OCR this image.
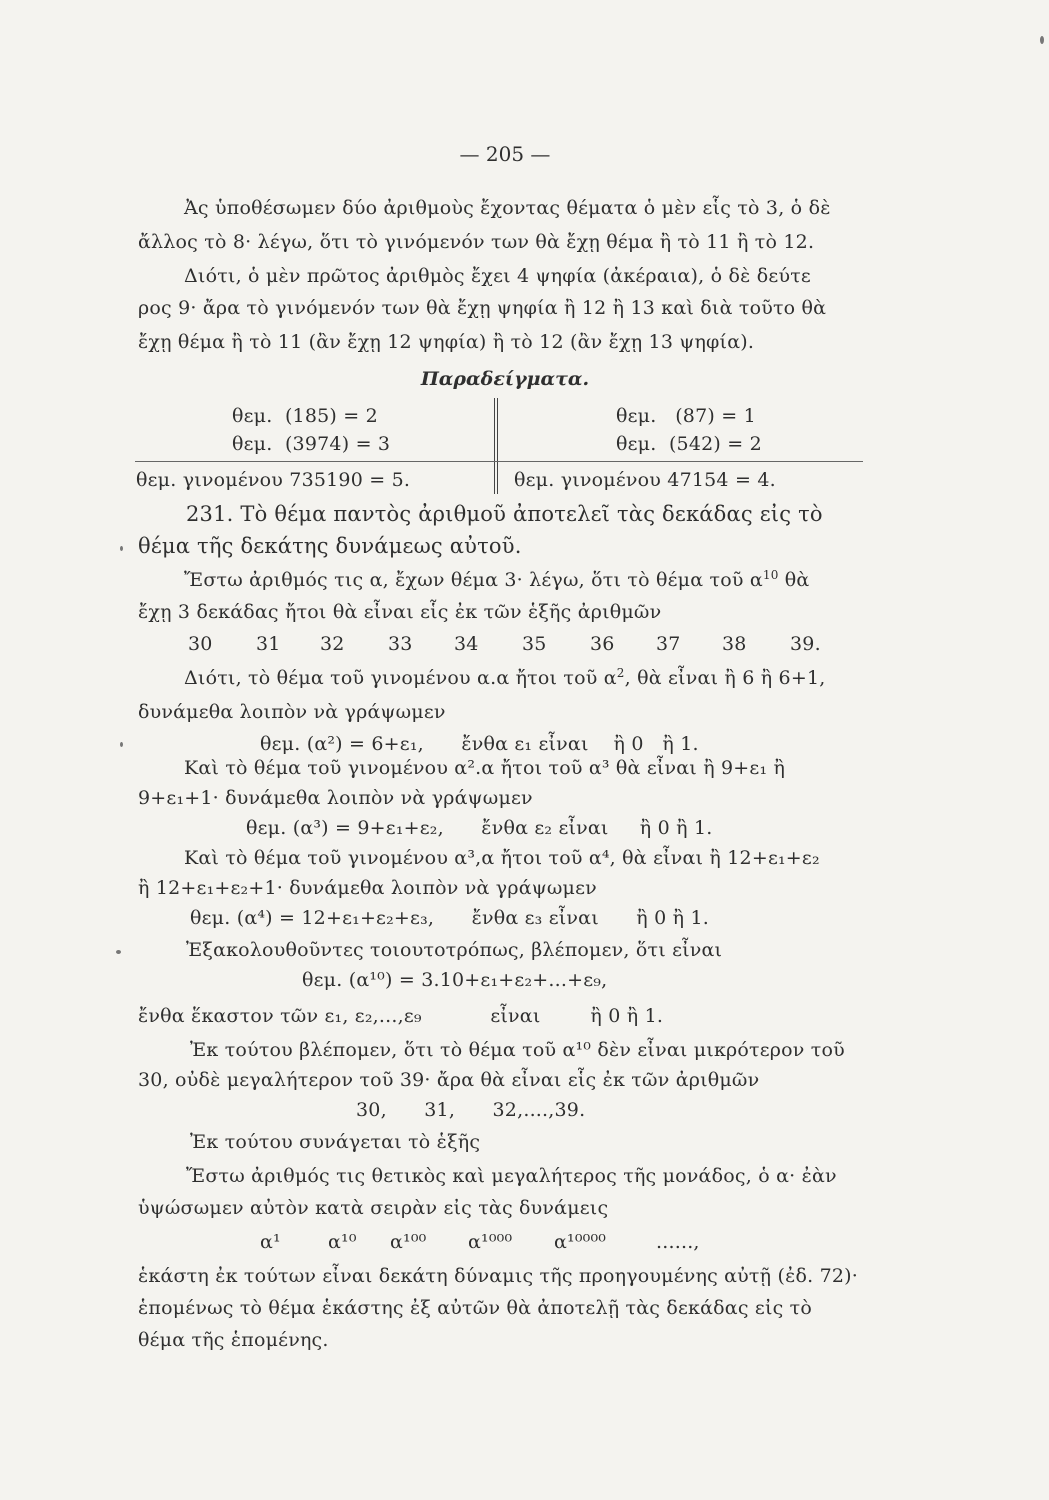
— 205 —
Ἀς ὑποθέσωμεν δύο ἀριθμοὺς ἔχοντας θέματα ὁ μὲν εἷς τὸ 3, ὁ δὲ
ἄλλος τὸ 8· λέγω, ὅτι τὸ γινόμενόν των θὰ ἔχῃ θέμα ἢ τὸ 11 ἢ τὸ 12.
Διότι, ὁ μὲν πρῶτος ἀριθμὸς ἔχει 4 ψηφία (ἀκέραια), ὁ δὲ δεύτε
ρος 9· ἄρα τὸ γινόμενόν των θὰ ἔχῃ ψηφία ἢ 12 ἢ 13 καὶ διὰ τοῦτο θὰ
ἔχῃ θέμα ἢ τὸ 11 (ἂν ἔχῃ 12 ψηφία) ἢ τὸ 12 (ἂν ἔχῃ 13 ψηφία).
Παραδείγματα.
θεμ.  (185) = 2
θεμ.  (3974) = 3
θεμ. γινομένου 735190 = 5.
θεμ.   (87) = 1
θεμ.  (542) = 2
θεμ. γινομένου 47154 = 4.
231. Τὸ θέμα παντὸς ἀριθμοῦ ἀποτελεῖ τὰς δεκάδας εἰς τὸ
θέμα τῆς δεκάτης δυνάμεως αὐτοῦ.
Ἔστω ἀριθμός τις α, ἔχων θέμα 3· λέγω, ὅτι τὸ θέμα τοῦ $\alpha^{10}$ θὰ
ἔχῃ 3 δεκάδας ἤτοι θὰ εἶναι εἷς ἐκ τῶν ἑξῆς ἀριθμῶν
30 31 32 33 34 35 36 37 38 39.
Διότι, τὸ θέμα τοῦ γινομένου α.α ἤτοι τοῦ $\alpha^2$, θὰ εἶναι ἢ 6 ἢ 6+1,
δυνάμεθα λοιπὸν νὰ γράψωμεν
θεμ. (α²) = 6+ε₁,      ἔνθα ε₁ εἶναι    ἢ 0   ἢ 1.
Καὶ τὸ θέμα τοῦ γινομένου α².α ἤτοι τοῦ α³ θὰ εἶναι ἢ 9+ε₁ ἢ
9+ε₁+1· δυνάμεθα λοιπὸν νὰ γράψωμεν
θεμ. (α³) = 9+ε₁+ε₂,      ἔνθα ε₂ εἶναι     ἢ 0 ἢ 1.
Καὶ τὸ θέμα τοῦ γινομένου α³,α ἤτοι τοῦ α⁴, θὰ εἶναι ἢ 12+ε₁+ε₂
ἢ 12+ε₁+ε₂+1· δυνάμεθα λοιπὸν νὰ γράψωμεν
θεμ. (α⁴) = 12+ε₁+ε₂+ε₃,      ἔνθα ε₃ εἶναι      ἢ 0 ἢ 1.
Ἐξακολουθοῦντες τοιουτοτρόπως, βλέπομεν, ὅτι εἶναι
θεμ. (α¹⁰) = 3.10+ε₁+ε₂+...+ε₉,
ἔνθα ἕκαστον τῶν ε₁, ε₂,...,ε₉           εἶναι        ἢ 0 ἢ 1.
Ἐκ τούτου βλέπομεν, ὅτι τὸ θέμα τοῦ α¹⁰ δὲν εἶναι μικρότερον τοῦ
30, οὐδὲ μεγαλήτερον τοῦ 39· ἄρα θὰ εἶναι εἷς ἐκ τῶν ἀριθμῶν
30,      31,      32,....,39.
Ἐκ τούτου συνάγεται τὸ ἑξῆς
Ἔστω ἀριθμός τις θετικὸς καὶ μεγαλήτερος τῆς μονάδος, ὁ α· ἐὰν
ὑψώσωμεν αὐτὸν κατὰ σειρὰν εἰς τὰς δυνάμεις
α¹ α¹⁰ α¹⁰⁰ α¹⁰⁰⁰ α¹⁰⁰⁰⁰	......,
ἑκάστη ἐκ τούτων εἶναι δεκάτη δύναμις τῆς προηγουμένης αὐτῇ (ἐδ. 72)·
ἑπομένως τὸ θέμα ἑκάστης ἐξ αὐτῶν θὰ ἀποτελῇ τὰς δεκάδας εἰς τὸ
θέμα τῆς ἑπομένης.
